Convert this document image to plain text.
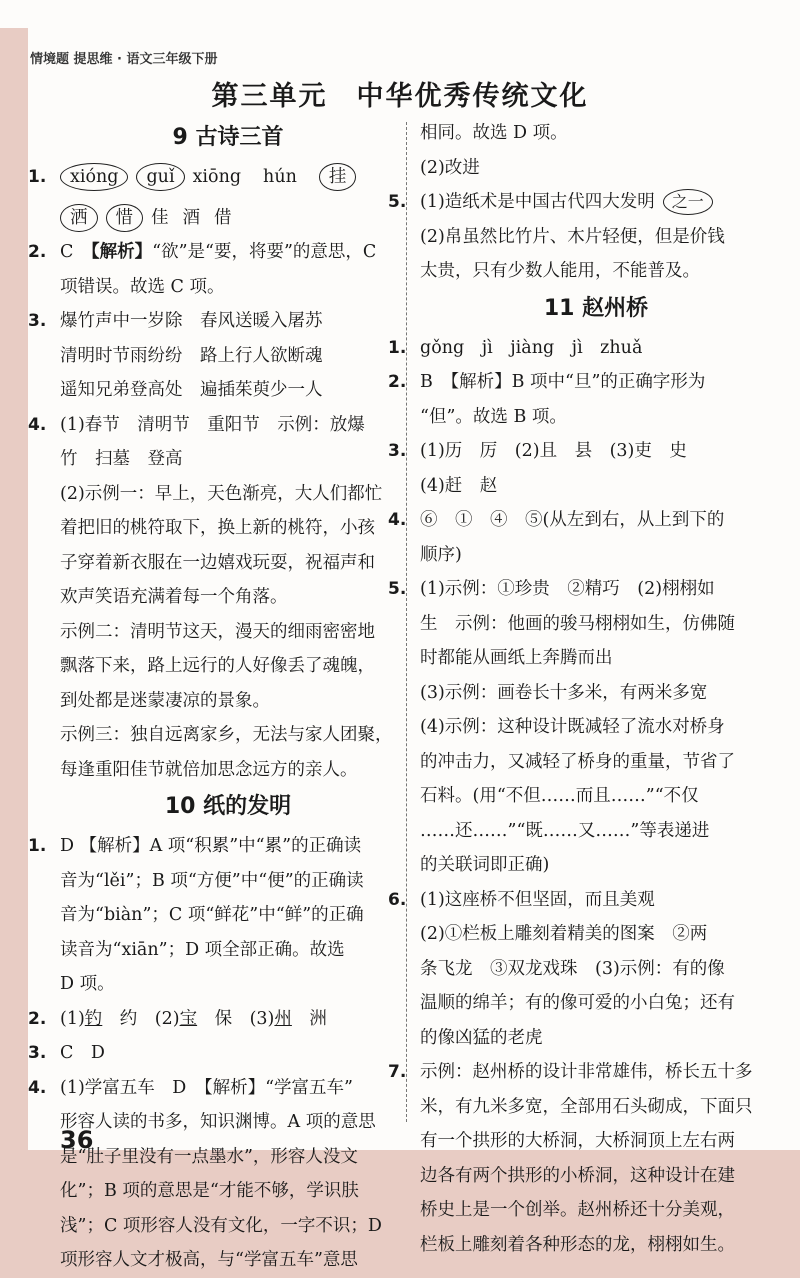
情境题 提思维 · 语文三年级下册
第三单元　中华优秀传统文化
9 古诗三首
1.	xióng guǐ xiōng hún 挂
洒 惜 佳 酒 借
2. C　 【解析】“欲”是“要，将要”的意思，C
项错误。故选 C 项。
3. 爆竹声中一岁除　春风送暖入屠苏
清明时节雨纷纷　路上行人欲断魂
遥知兄弟登高处　遍插茱萸少一人
4. (1)春节　清明节　重阳节　示例：放爆
竹　扫墓　登高
(2)示例一：早上，天色渐亮，大人们都忙
着把旧的桃符取下，换上新的桃符，小孩
子穿着新衣服在一边嬉戏玩耍，祝福声和
欢声笑语充满着每一个角落。
示例二：清明节这天，漫天的细雨密密地
飘落下来，路上远行的人好像丢了魂魄，
到处都是迷蒙凄凉的景象。
示例三：独自远离家乡，无法与家人团聚，
每逢重阳佳节就倍加思念远方的亲人。
10 纸的发明
1. D 【解析】A 项“积累”中“累”的正确读
音为“lěi”；B 项“方便”中“便”的正确读
音为“biàn”；C 项“鲜花”中“鲜”的正确
读音为“xiān”；D 项全部正确。故选
D 项。
2. (1)钓　 约　 (2)宝　 保　 (3)州　 洲
3. C　D
4. (1)学富五车　D　【解析】“学富五车”
形容人读的书多，知识渊博。A 项的意思
是“肚子里没有一点墨水”，形容人没文
化”；B 项的意思是“才能不够，学识肤
浅”；C 项形容人没有文化，一字不识；D
项形容人文才极高，与“学富五车”意思
相同。故选 D 项。
(2)改进
5. (1)造纸术是中国古代四大发明 之一
(2)帛虽然比竹片、木片轻便，但是价钱
太贵，只有少数人能用，不能普及。
11 赵州桥
1. gǒng　jì　jiàng　jì　zhuǎ
2. B　【解析】B 项中“旦”的正确字形为
“但”。故选 B 项。
3. (1)历　厉　(2)且　县　(3)吏　史
(4)赶　赵
4. ⑥　①　④　⑤(从左到右，从上到下的
顺序)
5. (1)示例：①珍贵　②精巧　(2)栩栩如
生　示例：他画的骏马栩栩如生，仿佛随
时都能从画纸上奔腾而出
(3)示例：画卷长十多米，有两米多宽
(4)示例：这种设计既减轻了流水对桥身
的冲击力，又减轻了桥身的重量，节省了
石料。(用“不但……而且……”“不仅
……还……”“既……又……”等表递进
的关联词即正确)
6. (1)这座桥不但坚固，而且美观
(2)①栏板上雕刻着精美的图案　②两
条飞龙　③双龙戏珠　(3)示例：有的像
温顺的绵羊；有的像可爱的小白兔；还有
的像凶猛的老虎
7. 示例：赵州桥的设计非常雄伟，桥长五十多
米，有九米多宽，全部用石头砌成，下面只
有一个拱形的大桥洞，大桥洞顶上左右两
边各有两个拱形的小桥洞，这种设计在建
桥史上是一个创举。赵州桥还十分美观，
栏板上雕刻着各种形态的龙，栩栩如生。
36
